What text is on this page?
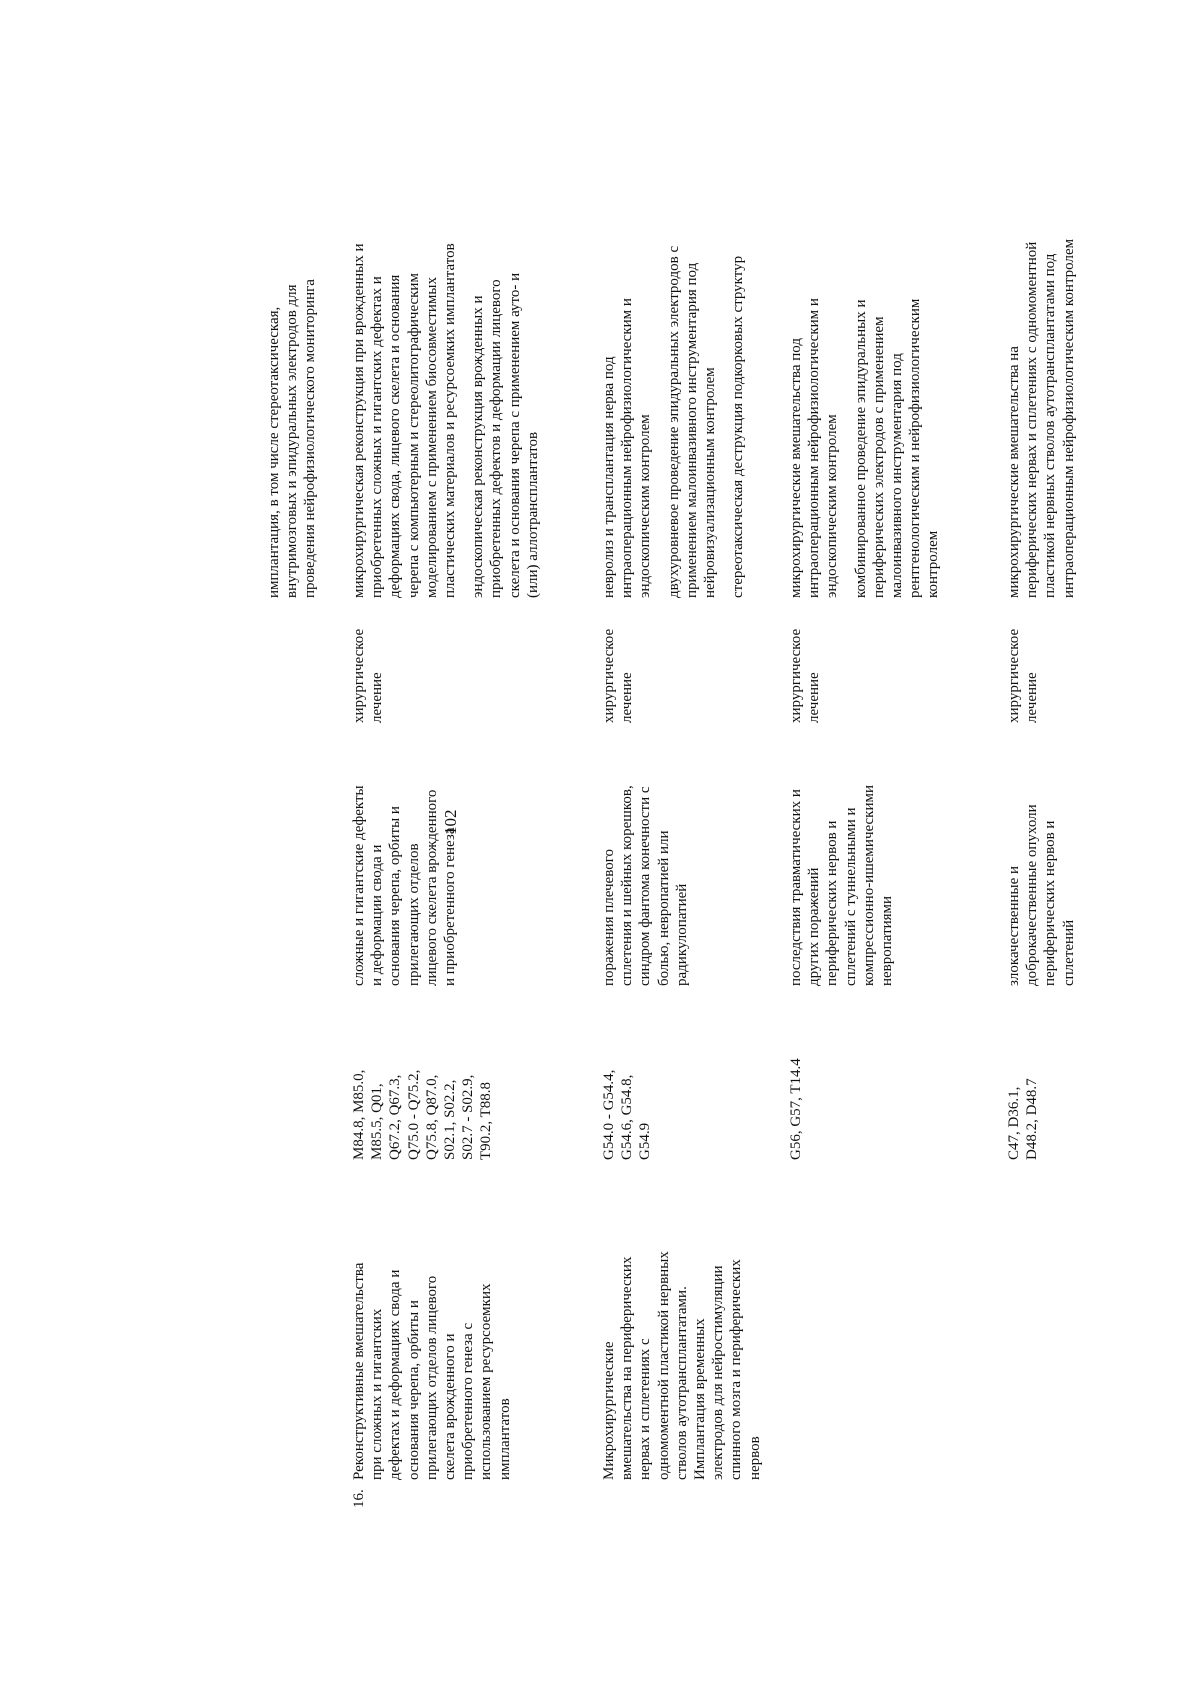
102
имплантация, в том числе стереотаксическая, внутримозговых и эпидуральных электродов для проведения нейрофизиологического мониторинга
16.
Реконструктивные вмешательства при сложных и гигантских дефектах и деформациях свода и основания черепа, орбиты и прилегающих отделов лицевого скелета врожденного и приобретенного генеза с использованием ресурсоемких имплантатов
M84.8, M85.0, M85.5, Q01, Q67.2, Q67.3, Q75.0 - Q75.2, Q75.8, Q87.0, S02.1, S02.2, S02.7 - S02.9, T90.2, T88.8
сложные и гигантские дефекты и деформации свода и основания черепа, орбиты и прилегающих отделов лицевого скелета врожденного и приобретенного генеза
хирургическое лечение
микрохирургическая реконструкция при врожденных и приобретенных сложных и гигантских дефектах и деформациях свода, лицевого скелета и основания черепа с компьютерным и стереолитографическим моделированием с применением биосовместимых пластических материалов и ресурсоемких имплантатов эндоскопическая реконструкция врожденных и приобретенных дефектов и деформации лицевого скелета и основания черепа с применением ауто- и (или) аллотрансплантатов
Микрохирургические вмешательства на периферических нервах и сплетениях с одномоментной пластикой нервных стволов аутотрансплантатами. Имплантация временных электродов для нейростимуляции спинного мозга и периферических нервов
G54.0 - G54.4, G54.6, G54.8, G54.9
поражения плечевого сплетения и шейных корешков, синдром фантома конечности с болью, невропатией или радикулопатией
хирургическое лечение
невролиз и трансплантация нерва под интраоперационным нейрофизиологическим и эндоскопическим контролем двухуровневое проведение эпидуральных электродов с применением малоинвазивного инструментария под нейровизуализационным контролем стереотаксическая деструкция подкорковых структур
G56, G57, T14.4
последствия травматических и других поражений периферических нервов и сплетений с туннельными и компрессионно-ишемическими невропатиями
хирургическое лечение
микрохирургические вмешательства под интраоперационным нейрофизиологическим и эндоскопическим контролем комбинированное проведение эпидуральных и периферических электродов с применением малоинвазивного инструментария под рентгенологическим и нейрофизиологическим контролем
C47, D36.1, D48.2, D48.7
злокачественные и доброкачественные опухоли периферических нервов и сплетений
хирургическое лечение
микрохирургические вмешательства на периферических нервах и сплетениях с одномоментной пластикой нервных стволов аутотрансплантатами под интраоперационным нейрофизиологическим контролем
